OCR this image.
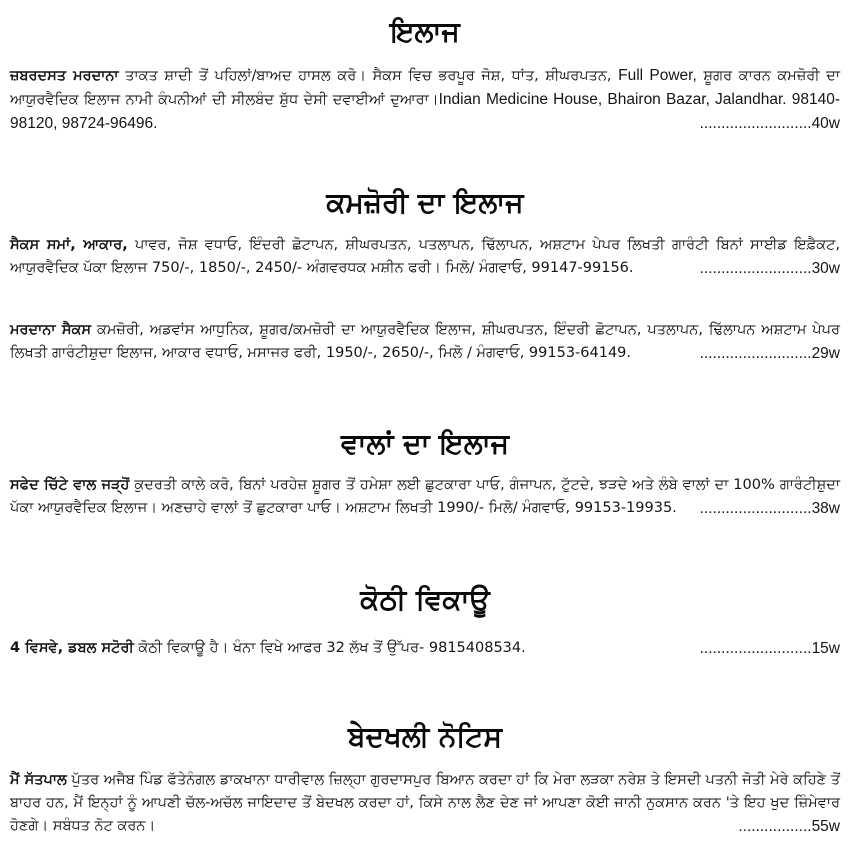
ਇਲਾਜ

ਜ਼ਬਰਦਸਤ ਮਰਦਾਨਾ ਤਾਕਤ ਸ਼ਾਦੀ ਤੋਂ ਪਹਿਲਾਂ/ਬਾਅਦ ਹਾਸਲ ਕਰੋ। ਸੈਕਸ ਵਿਚ ਭਰਪੂਰ ਜੋਸ਼, ਧਾਂਤ, ਸ਼ੀਘਰਪਤਨ, Full Power, ਸ਼ੂਗਰ ਕਾਰਨ ਕਮਜ਼ੋਰੀ ਦਾ ਆਯੁਰਵੈਦਿਕ ਇਲਾਜ ਨਾਮੀ ਕੰਪਨੀਆਂ ਦੀ ਸੀਲਬੰਦ ਸ਼ੁੱਧ ਦੇਸੀ ਦਵਾਈਆਂ ਦੁਆਰਾ।Indian Medicine House, Bhairon Bazar, Jalandhar. 98140-98120, 98724-96496.	..........................40w

ਕਮਜ਼ੋਰੀ ਦਾ ਇਲਾਜ

ਸੈਕਸ ਸਮਾਂ, ਆਕਾਰ, ਪਾਵਰ, ਜੋਸ਼ ਵਧਾਓ, ਇੰਦਰੀ ਛੋਟਾਪਨ, ਸ਼ੀਘਰਪਤਨ, ਪਤਲਾਪਨ, ਢਿੱਲਾਪਨ, ਅਸ਼ਟਾਮ ਪੇਪਰ ਲਿਖਤੀ ਗਾਰੰਟੀ ਬਿਨਾਂ ਸਾਈਡ ਇਫ਼ੈਕਟ, ਆਯੁਰਵੈਦਿਕ ਪੱਕਾ ਇਲਾਜ 750/-, 1850/-, 2450/- ਅੰਗਵਰਧਕ ਮਸ਼ੀਨ ਫਰੀ। ਮਿਲੋ/ ਮੰਗਵਾਓ, 99147-99156.	..........................30w

ਮਰਦਾਨਾ ਸੈਕਸ ਕਮਜ਼ੋਰੀ, ਅਡਵਾਂਸ ਆਧੁਨਿਕ, ਸ਼ੂਗਰ/ਕਮਜ਼ੋਰੀ ਦਾ ਆਯੁਰਵੈਦਿਕ ਇਲਾਜ, ਸ਼ੀਘਰਪਤਨ, ਇੰਦਰੀ ਛੋਟਾਪਨ, ਪਤਲਾਪਨ, ਢਿੱਲਾਪਨ ਅਸ਼ਟਾਮ ਪੇਪਰ ਲਿਖਤੀ ਗਾਰੰਟੀਸ਼ੁਦਾ ਇਲਾਜ, ਆਕਾਰ ਵਧਾਓ, ਮਸਾਜਰ ਫਰੀ, 1950/-, 2650/-, ਮਿਲੋ / ਮੰਗਵਾਓ, 99153-64149.	..........................29w

ਵਾਲਾਂ ਦਾ ਇਲਾਜ

ਸਫੇਦ ਚਿੱਟੇ ਵਾਲ ਜੜ੍ਹੋਂ ਕੁਦਰਤੀ ਕਾਲੇ ਕਰੋ, ਬਿਨਾਂ ਪਰਹੇਜ਼ ਸ਼ੂਗਰ ਤੋਂ ਹਮੇਸ਼ਾ ਲਈ ਛੁਟਕਾਰਾ ਪਾਓ, ਗੰਜਾਪਨ, ਟੁੱਟਦੇ, ਝੜਦੇ ਅਤੇ ਲੰਬੇ ਵਾਲਾਂ ਦਾ 100% ਗਾਰੰਟੀਸ਼ੁਦਾ ਪੱਕਾ ਆਯੁਰਵੈਦਿਕ ਇਲਾਜ। ਅਣਚਾਹੇ ਵਾਲਾਂ ਤੋਂ ਛੁਟਕਾਰਾ ਪਾਓ। ਅਸ਼ਟਾਮ ਲਿਖਤੀ 1990/- ਮਿਲੋ/ ਮੰਗਵਾਓ, 99153-19935. ..........................38w

ਕੋਠੀ ਵਿਕਾਊ

4 ਵਿਸਵੇ, ਡਬਲ ਸਟੋਰੀ ਕੋਠੀ ਵਿਕਾਊ ਹੈ। ਖੰਨਾ ਵਿਖੇ ਆਫਰ 32 ਲੱਖ ਤੋਂ ਉੱਪਰ- 9815408534.	..........................15w

ਬੇਦਖਲੀ ਨੋਟਿਸ

ਮੈਂ ਸੱਤਪਾਲ ਪੁੱਤਰ ਅਜੈਬ ਪਿੰਡ ਫੱਤੇਨੰਗਲ ਡਾਕਖਾਨਾ ਧਾਰੀਵਾਲ ਜ਼ਿਲ੍ਹਾ ਗੁਰਦਾਸਪੁਰ ਬਿਆਨ ਕਰਦਾ ਹਾਂ ਕਿ ਮੇਰਾ ਲੜਕਾ ਨਰੇਸ਼ ਤੇ ਇਸਦੀ ਪਤਨੀ ਜੋਤੀ ਮੇਰੇ ਕਹਿਣੇ ਤੋਂ ਬਾਹਰ ਹਨ, ਮੈਂ ਇਨ੍ਹਾਂ ਨੂੰ ਆਪਣੀ ਚੱਲ-ਅਚੱਲ ਜਾਇਦਾਦ ਤੋਂ ਬੇਦਖਲ ਕਰਦਾ ਹਾਂ, ਕਿਸੇ ਨਾਲ ਲੈਣ ਦੇਣ ਜਾਂ ਆਪਣਾ ਕੋਈ ਜਾਨੀ ਨੁਕਸਾਨ ਕਰਨ 'ਤੇ ਇਹ ਖੁਦ ਜ਼ਿੰਮੇਵਾਰ ਹੋਣਗੇ। ਸਬੰਧਤ ਨੋਟ ਕਰਨ।	.................55w
